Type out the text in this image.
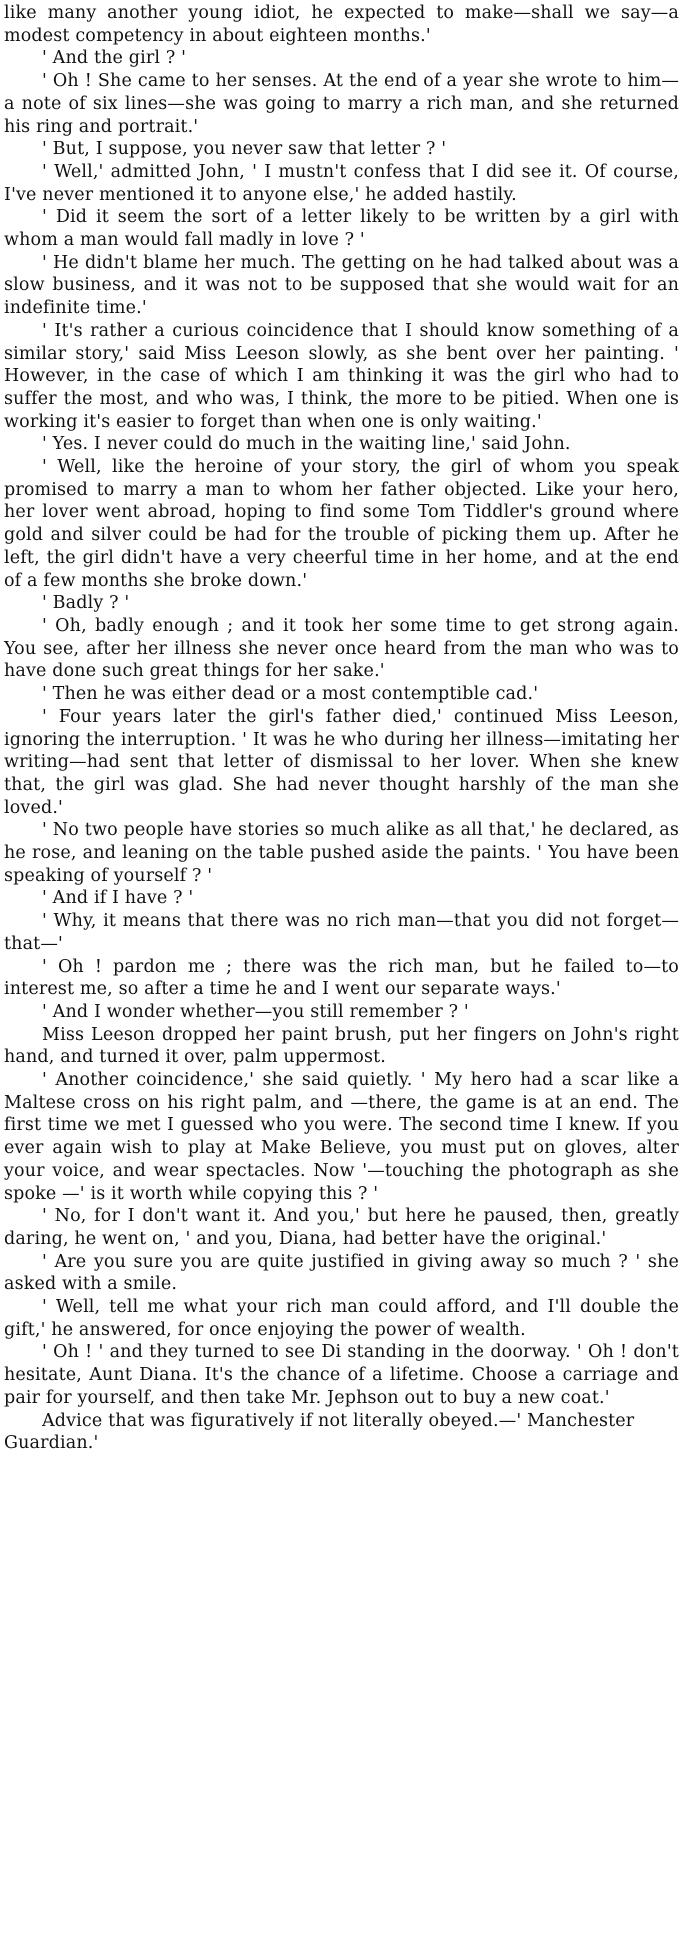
like many another young idiot, he expected to make—shall we say—a modest competency in about eighteen months.'

' And the girl ? '

' Oh ! She came to her senses. At the end of a year she wrote to him—a note of six lines—she was going to marry a rich man, and she returned his ring and portrait.'

' But, I suppose, you never saw that letter ? '

' Well,' admitted John, ' I mustn't confess that I did see it. Of course, I've never mentioned it to anyone else,' he added hastily.

' Did it seem the sort of a letter likely to be written by a girl with whom a man would fall madly in love ? '

' He didn't blame her much. The getting on he had talked about was a slow business, and it was not to be supposed that she would wait for an indefinite time.'

' It's rather a curious coincidence that I should know something of a similar story,' said Miss Leeson slowly, as she bent over her painting. ' However, in the case of which I am thinking it was the girl who had to suffer the most, and who was, I think, the more to be pitied. When one is working it's easier to forget than when one is only waiting.'

' Yes. I never could do much in the waiting line,' said John.

' Well, like the heroine of your story, the girl of whom you speak promised to marry a man to whom her father objected. Like your hero, her lover went abroad, hoping to find some Tom Tiddler's ground where gold and silver could be had for the trouble of picking them up. After he left, the girl didn't have a very cheerful time in her home, and at the end of a few months she broke down.'

' Badly ? '

' Oh, badly enough ; and it took her some time to get strong again. You see, after her illness she never once heard from the man who was to have done such great things for her sake.'

' Then he was either dead or a most contemptible cad.'

' Four years later the girl's father died,' continued Miss Leeson, ignoring the interruption. ' It was he who during her illness—imitating her writing—had sent that letter of dismissal to her lover. When she knew that, the girl was glad. She had never thought harshly of the man she loved.'

' No two people have stories so much alike as all that,' he declared, as he rose, and leaning on the table pushed aside the paints. ' You have been speaking of yourself ? '

' And if I have ? '

' Why, it means that there was no rich man—that you did not forget—that—'

' Oh ! pardon me ; there was the rich man, but he failed to—to interest me, so after a time he and I went our separate ways.'

' And I wonder whether—you still remember ? '

Miss Leeson dropped her paint brush, put her fingers on John's right hand, and turned it over, palm uppermost.

' Another coincidence,' she said quietly. ' My hero had a scar like a Maltese cross on his right palm, and —there, the game is at an end. The first time we met I guessed who you were. The second time I knew. If you ever again wish to play at Make Believe, you must put on gloves, alter your voice, and wear spectacles. Now '—touching the photograph as she spoke —' is it worth while copying this ? '

' No, for I don't want it. And you,' but here he paused, then, greatly daring, he went on, ' and you, Diana, had better have the original.'

' Are you sure you are quite justified in giving away so much ? ' she asked with a smile.

' Well, tell me what your rich man could afford, and I'll double the gift,' he answered, for once enjoying the power of wealth.

' Oh ! ' and they turned to see Di standing in the doorway. ' Oh ! don't hesitate, Aunt Diana. It's the chance of a lifetime. Choose a carriage and pair for yourself, and then take Mr. Jephson out to buy a new coat.'

Advice that was figuratively if not literally obeyed.—' Manchester Guardian.'
